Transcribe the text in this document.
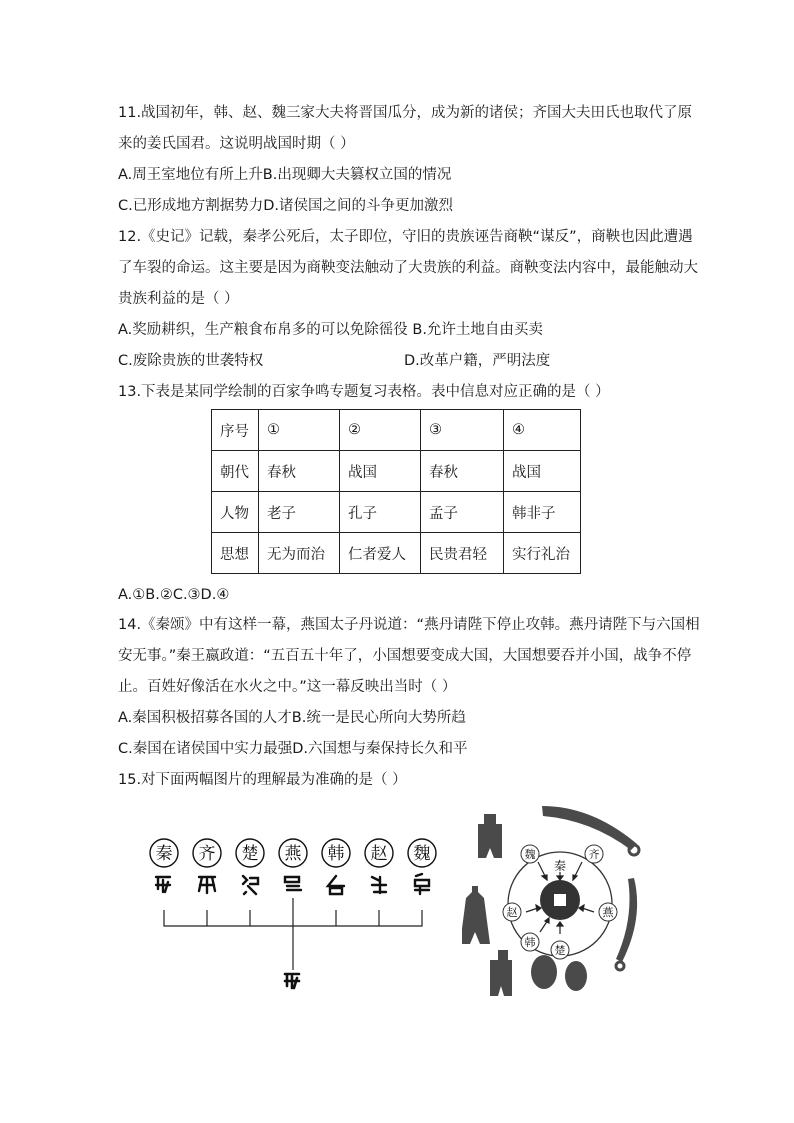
11.战国初年，韩、赵、魏三家大夫将晋国瓜分，成为新的诸侯；齐国大夫田氏也取代了原
来的姜氏国君。这说明战国时期（ ）
A.周王室地位有所上升B.出现卿大夫篡权立国的情况
C.已形成地方割据势力D.诸侯国之间的斗争更加激烈
12.《史记》记载，秦孝公死后，太子即位，守旧的贵族诬告商鞅“谋反”，商鞅也因此遭遇
了车裂的命运。这主要是因为商鞅变法触动了大贵族的利益。商鞅变法内容中，最能触动大
贵族利益的是（ ）
A.奖励耕织，生产粮食布帛多的可以免除徭役 B.允许土地自由买卖
C.废除贵族的世袭特权	D.改革户籍，严明法度
13.下表是某同学绘制的百家争鸣专题复习表格。表中信息对应正确的是（ ）
序号	①	②	③	④
朝代	春秋	战国	春秋	战国
人物	老子	孔子	孟子	韩非子
思想	无为而治	仁者爱人	民贵君轻	实行礼治
A.①B.②C.③D.④
14.《秦颂》中有这样一幕，燕国太子丹说道：“燕丹请陛下停止攻韩。燕丹请陛下与六国相
安无事。”秦王嬴政道：“五百五十年了，小国想要变成大国，大国想要吞并小国，战争不停
止。百姓好像活在水火之中。”这一幕反映出当时（ ）
A.秦国积极招募各国的人才B.统一是民心所向大势所趋
C.秦国在诸侯国中实力最强D.六国想与秦保持长久和平
15.对下面两幅图片的理解最为准确的是（ ）
秦 齐 楚 燕 韩 赵 魏
秦
魏	齐
赵	燕
韩
楚
